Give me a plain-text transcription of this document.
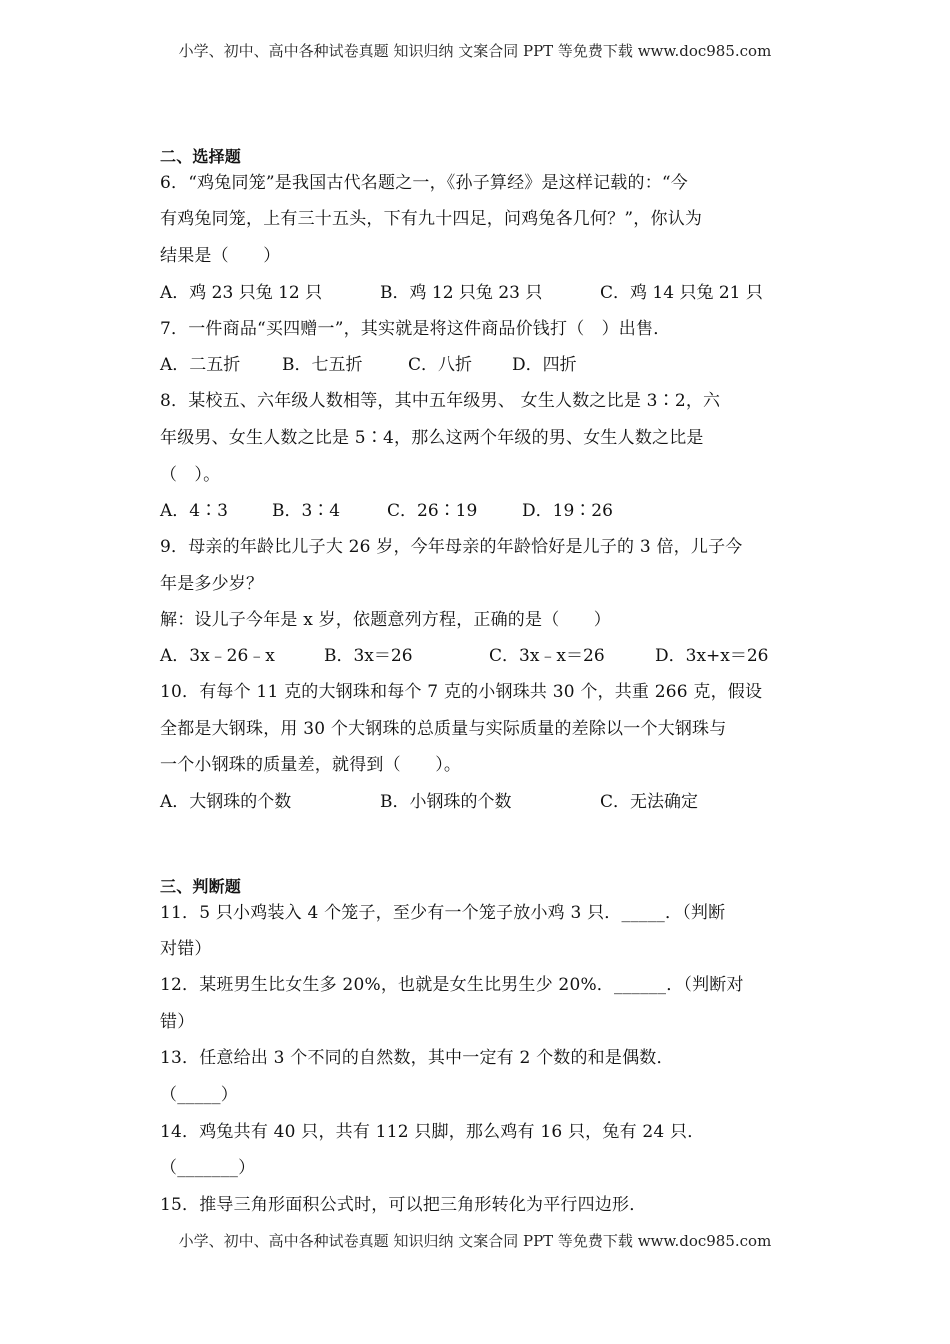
小学、初中、高中各种试卷真题 知识归纳 文案合同 PPT 等免费下载 www.doc985.com
二、选择题
6．“鸡兔同笼”是我国古代名题之一，《孙子算经》是这样记载的：“今
有鸡兔同笼，上有三十五头，下有九十四足，问鸡兔各几何？”，你认为
结果是（　　）
A．鸡 23 只兔 12 只	B．鸡 12 只兔 23 只	C．鸡 14 只兔 21 只
7．一件商品“买四赠一”，其实就是将这件商品价钱打（　）出售．
A．二五折 B．七五折	C．八折 D．四折
8．某校五、六年级人数相等，其中五年级男、 女生人数之比是 3∶2，六
年级男、女生人数之比是 5∶4，那么这两个年级的男、女生人数之比是
（　）。
A．4∶3	B．3∶4	C．26∶19	D．19∶26
9．母亲的年龄比儿子大 26 岁，今年母亲的年龄恰好是儿子的 3 倍，儿子今
年是多少岁？
解：设儿子今年是 x 岁，依题意列方程，正确的是（　　）
A．3x﹣26﹣x	B．3x＝26	C．3x﹣x＝26	D．3x+x＝26
10．有每个 11 克的大钢珠和每个 7 克的小钢珠共 30 个，共重 266 克，假设
全都是大钢珠，用 30 个大钢珠的总质量与实际质量的差除以一个大钢珠与
一个小钢珠的质量差，就得到（　　）。
A．大钢珠的个数	B．小钢珠的个数	C．无法确定
三、判断题
11．5 只小鸡装入 4 个笼子，至少有一个笼子放小鸡 3 只．_____．（判断
对错）
12．某班男生比女生多 20%，也就是女生比男生少 20%．______．（判断对
错）
13．任意给出 3 个不同的自然数，其中一定有 2 个数的和是偶数．
（_____）
14．鸡兔共有 40 只，共有 112 只脚，那么鸡有 16 只，兔有 24 只．
（_______）
15．推导三角形面积公式时，可以把三角形转化为平行四边形．
小学、初中、高中各种试卷真题 知识归纳 文案合同 PPT 等免费下载 www.doc985.com
